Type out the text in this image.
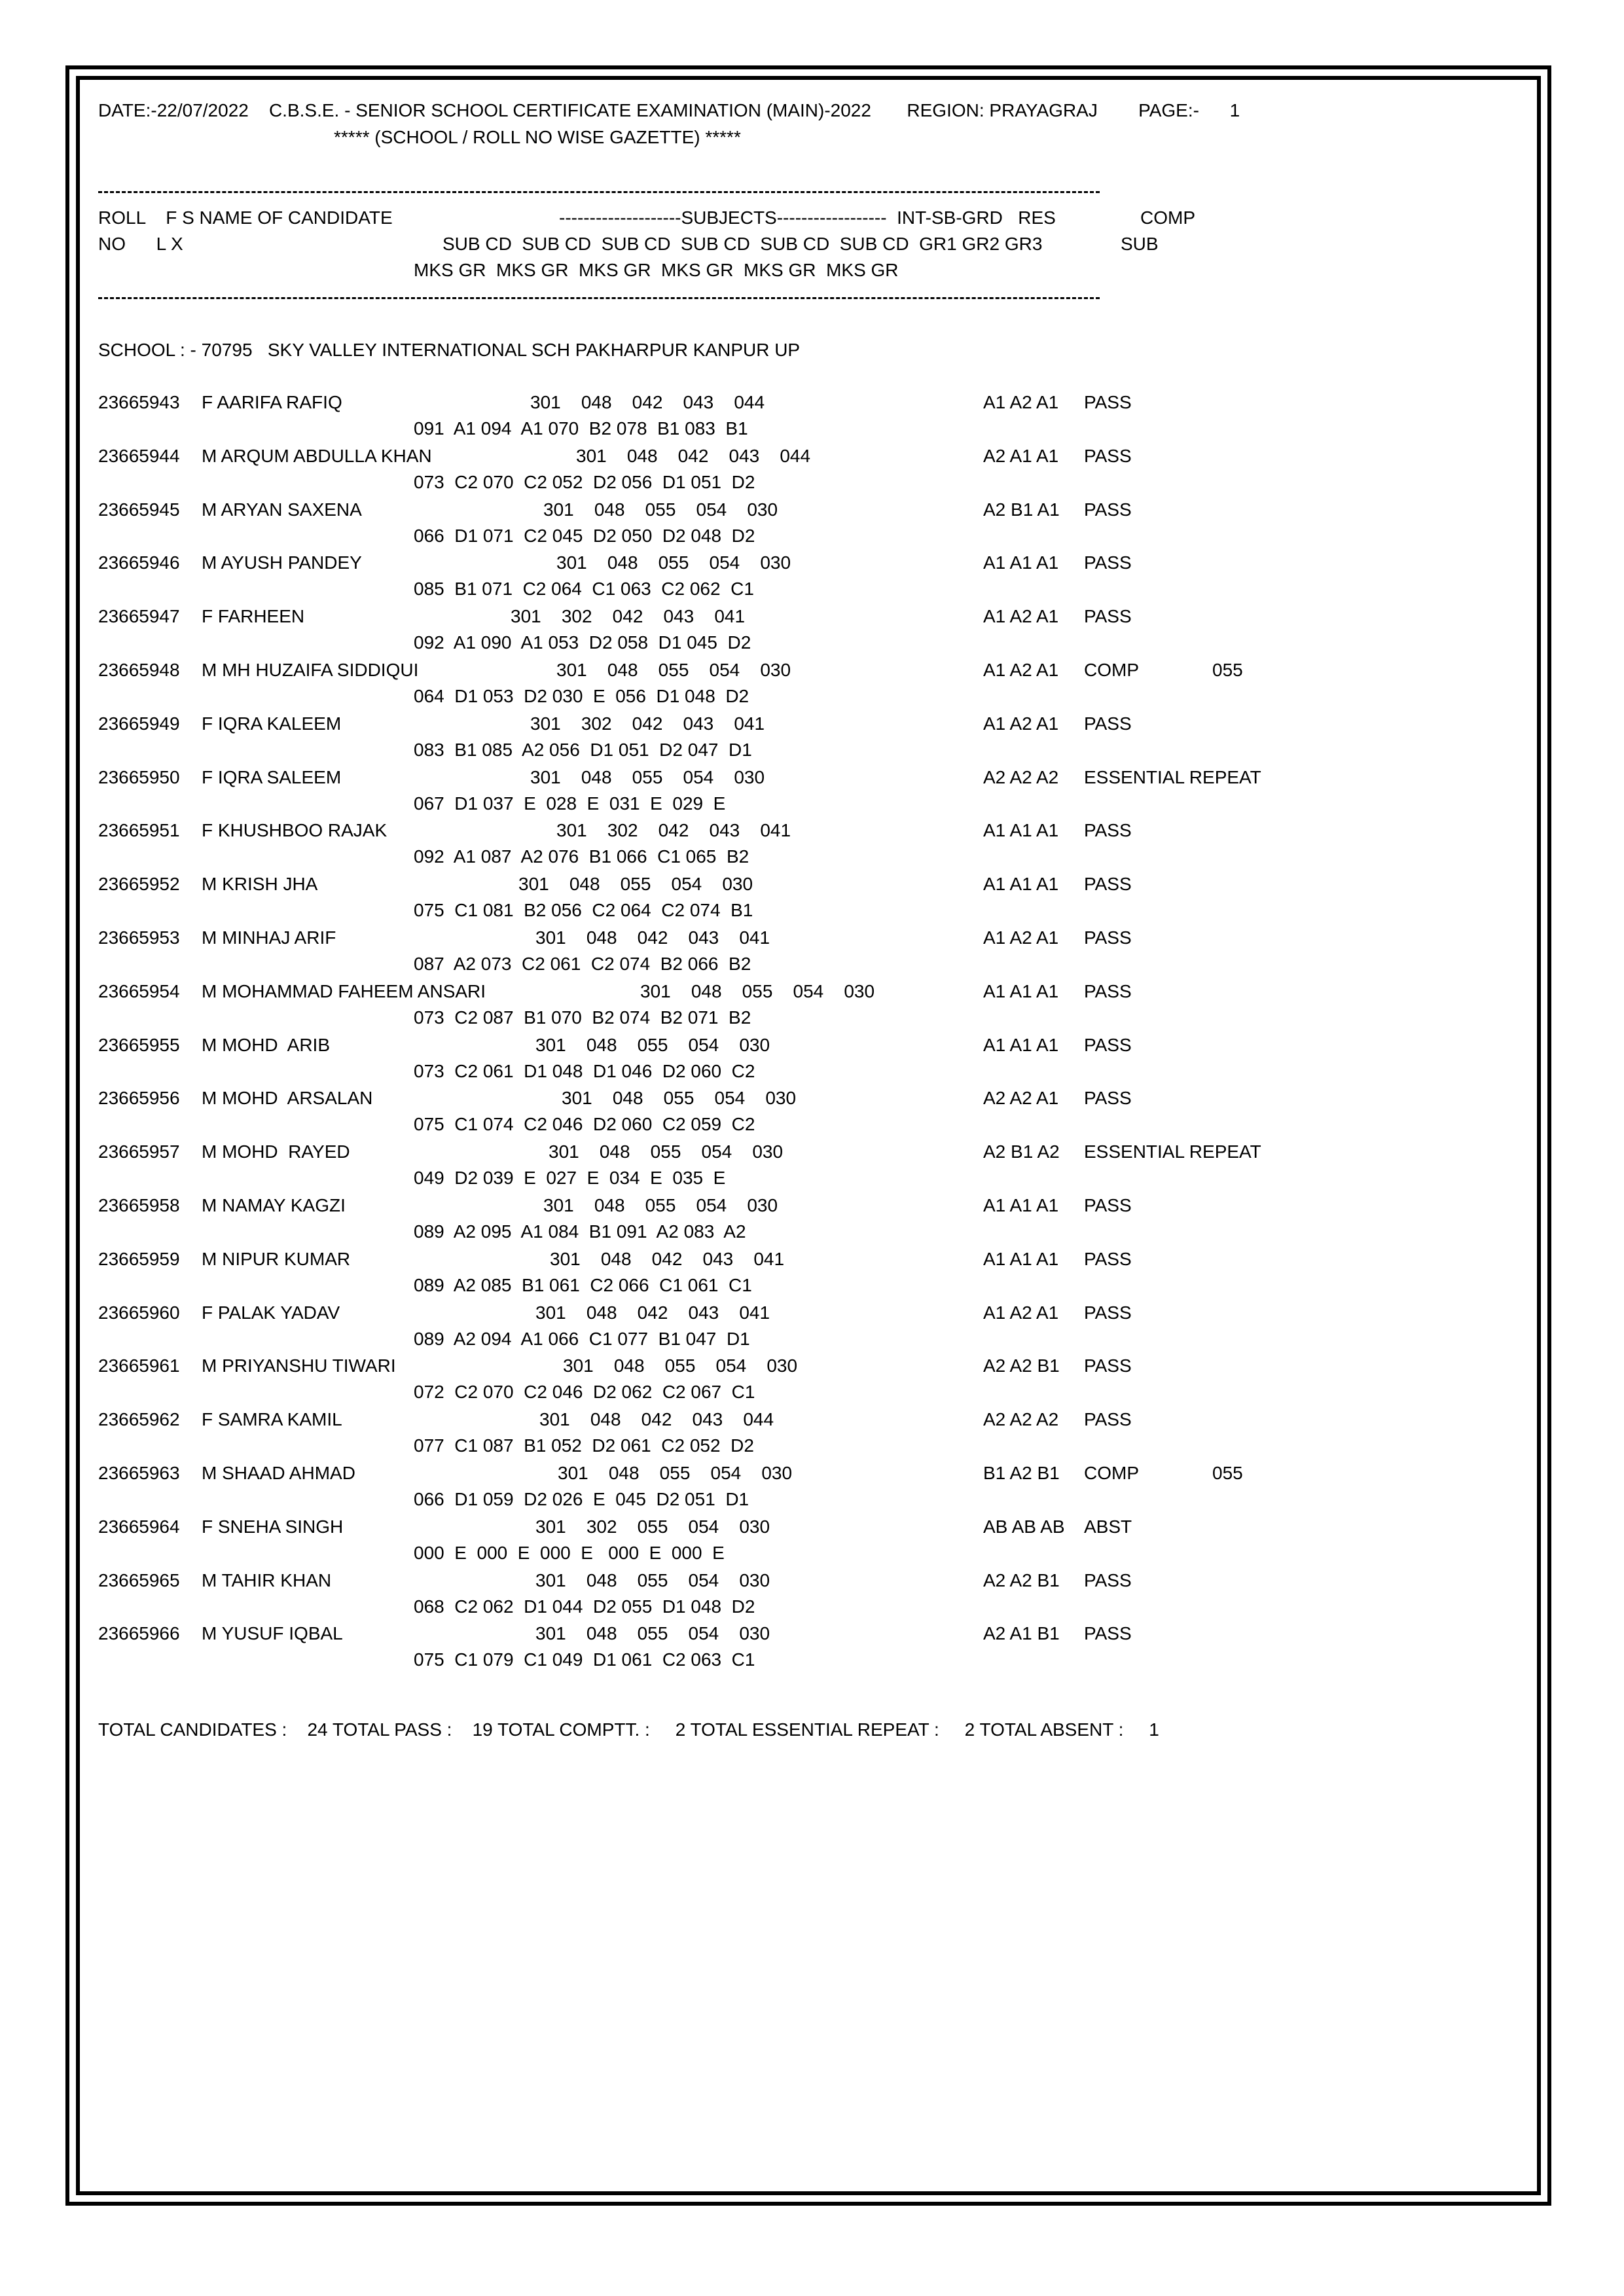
DATE:-22/07/2022    C.B.S.E. - SENIOR SCHOOL CERTIFICATE EXAMINATION (MAIN)-2022       REGION: PRAYAGRAJ        PAGE:-      1
***** (SCHOOL / ROLL NO WISE GAZETTE) *****
ROLL    F S NAME OF CANDIDATE	--------------------SUBJECTS------------------  INT-SB-GRD   RES	COMP
NO      L X	SUB CD  SUB CD  SUB CD  SUB CD  SUB CD  SUB CD  GR1 GR2 GR3	SUB
MKS GR  MKS GR  MKS GR  MKS GR  MKS GR  MKS GR
SCHOOL : - 70795   SKY VALLEY INTERNATIONAL SCH PAKHARPUR KANPUR UP
23665943 F AARIFA RAFIQ	301    048    042    043    044	A1 A2 A1 PASS
091  A1 094  A1 070  B2 078  B1 083  B1
23665944 M ARQUM ABDULLA KHAN	301    048    042    043    044	A2 A1 A1 PASS
073  C2 070  C2 052  D2 056  D1 051  D2
23665945 M ARYAN SAXENA	301    048    055    054    030	A2 B1 A1 PASS
066  D1 071  C2 045  D2 050  D2 048  D2
23665946 M AYUSH PANDEY	301    048    055    054    030	A1 A1 A1 PASS
085  B1 071  C2 064  C1 063  C2 062  C1
23665947 F FARHEEN	301    302    042    043    041	A1 A2 A1 PASS
092  A1 090  A1 053  D2 058  D1 045  D2
23665948 M MH HUZAIFA SIDDIQUI	301    048    055    054    030	A1 A2 A1 COMP	055
064  D1 053  D2 030  E  056  D1 048  D2
23665949 F IQRA KALEEM	301    302    042    043    041	A1 A2 A1 PASS
083  B1 085  A2 056  D1 051  D2 047  D1
23665950 F IQRA SALEEM	301    048    055    054    030	A2 A2 A2 ESSENTIAL REPEAT
067  D1 037  E  028  E  031  E  029  E
23665951 F KHUSHBOO RAJAK	301    302    042    043    041	A1 A1 A1 PASS
092  A1 087  A2 076  B1 066  C1 065  B2
23665952 M KRISH JHA	301    048    055    054    030	A1 A1 A1 PASS
075  C1 081  B2 056  C2 064  C2 074  B1
23665953 M MINHAJ ARIF	301    048    042    043    041	A1 A2 A1 PASS
087  A2 073  C2 061  C2 074  B2 066  B2
23665954 M MOHAMMAD FAHEEM ANSARI	301    048    055    054    030	A1 A1 A1 PASS
073  C2 087  B1 070  B2 074  B2 071  B2
23665955 M MOHD  ARIB	301    048    055    054    030	A1 A1 A1 PASS
073  C2 061  D1 048  D1 046  D2 060  C2
23665956 M MOHD  ARSALAN	301    048    055    054    030	A2 A2 A1 PASS
075  C1 074  C2 046  D2 060  C2 059  C2
23665957 M MOHD  RAYED	301    048    055    054    030	A2 B1 A2 ESSENTIAL REPEAT
049  D2 039  E  027  E  034  E  035  E
23665958 M NAMAY KAGZI	301    048    055    054    030	A1 A1 A1 PASS
089  A2 095  A1 084  B1 091  A2 083  A2
23665959 M NIPUR KUMAR	301    048    042    043    041	A1 A1 A1 PASS
089  A2 085  B1 061  C2 066  C1 061  C1
23665960 F PALAK YADAV	301    048    042    043    041	A1 A2 A1 PASS
089  A2 094  A1 066  C1 077  B1 047  D1
23665961 M PRIYANSHU TIWARI	301    048    055    054    030	A2 A2 B1 PASS
072  C2 070  C2 046  D2 062  C2 067  C1
23665962 F SAMRA KAMIL	301    048    042    043    044	A2 A2 A2 PASS
077  C1 087  B1 052  D2 061  C2 052  D2
23665963 M SHAAD AHMAD	301    048    055    054    030	B1 A2 B1 COMP	055
066  D1 059  D2 026  E  045  D2 051  D1
23665964 F SNEHA SINGH	301    302    055    054    030	AB AB AB ABST
000  E  000  E  000  E   000  E  000  E
23665965 M TAHIR KHAN	301    048    055    054    030	A2 A2 B1 PASS
068  C2 062  D1 044  D2 055  D1 048  D2
23665966 M YUSUF IQBAL	301    048    055    054    030	A2 A1 B1 PASS
075  C1 079  C1 049  D1 061  C2 063  C1
TOTAL CANDIDATES :    24 TOTAL PASS :    19 TOTAL COMPTT. :     2 TOTAL ESSENTIAL REPEAT :     2 TOTAL ABSENT :     1
